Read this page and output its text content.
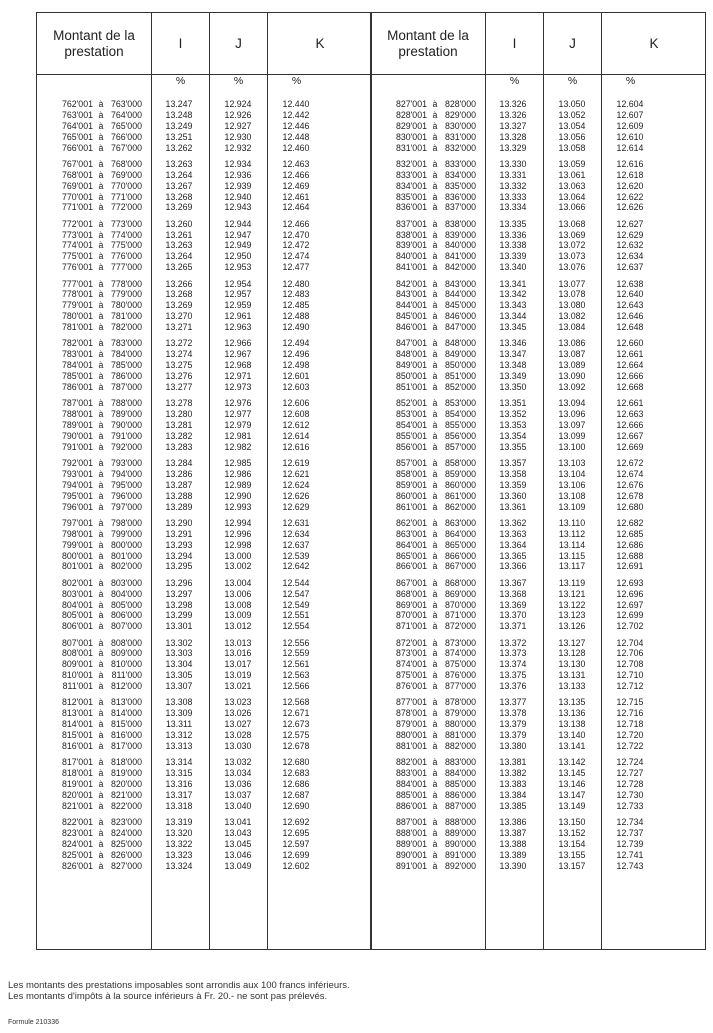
Montant de la prestation
I	J	K
%	%	%
762'001 à 763'000	13.247	12.924	12.440
763'001 à 764'000	13.248	12.926	12.442
764'001 à 765'000	13.249	12.927	12.446
765'001 à 766'000	13.251	12.930	12.448
766'001 à 767'000	13.262	12.932	12.460
767'001 à 768'000	13.263	12.934	12.463
768'001 à 769'000	13.264	12.936	12.466
769'001 à 770'000	13.267	12.939	12.469
770'001 à 771'000	13.268	12.940	12.461
771'001 à 772'000	13.269	12.943	12.464
772'001 à 773'000	13.260	12.944	12.466
773'001 à 774'000	13.261	12.947	12.470
774'001 à 775'000	13.263	12.949	12.472
775'001 à 776'000	13.264	12.950	12.474
776'001 à 777'000	13.265	12.953	12.477
777'001 à 778'000	13.266	12.954	12.480
778'001 à 779'000	13.268	12.957	12.483
779'001 à 780'000	13.269	12.959	12.485
780'001 à 781'000	13.270	12.961	12.488
781'001 à 782'000	13.271	12.963	12.490
782'001 à 783'000	13.272	12.966	12.494
783'001 à 784'000	13.274	12.967	12.496
784'001 à 785'000	13.275	12.968	12.498
785'001 à 786'000	13.276	12.971	12.601
786'001 à 787'000	13.277	12.973	12.603
787'001 à 788'000	13.278	12.976	12.606
788'001 à 789'000	13.280	12.977	12.608
789'001 à 790'000	13.281	12.979	12.612
790'001 à 791'000	13.282	12.981	12.614
791'001 à 792'000	13.283	12.982	12.616
792'001 à 793'000	13.284	12.985	12.619
793'001 à 794'000	13.286	12.986	12.621
794'001 à 795'000	13.287	12.989	12.624
795'001 à 796'000	13.288	12.990	12.626
796'001 à 797'000	13.289	12.993	12.629
797'001 à 798'000	13.290	12.994	12.631
798'001 à 799'000	13.291	12.996	12.634
799'001 à 800'000	13.293	12.998	12.637
800'001 à 801'000	13.294	13.000	12.539
801'001 à 802'000	13.295	13.002	12.642
802'001 à 803'000	13.296	13.004	12.544
803'001 à 804'000	13.297	13.006	12.547
804'001 à 805'000	13.298	13.008	12.549
805'001 à 806'000	13.299	13.009	12.551
806'001 à 807'000	13.301	13.012	12.554
807'001 à 808'000	13.302	13.013	12.556
808'001 à 809'000	13.303	13.016	12.559
809'001 à 810'000	13.304	13.017	12.561
810'001 à 811'000	13.305	13.019	12.563
811'001 à 812'000	13.307	13.021	12.566
812'001 à 813'000	13.308	13.023	12.568
813'001 à 814'000	13.309	13.026	12.671
814'001 à 815'000	13.311	13.027	12.673
815'001 à 816'000	13.312	13.028	12.575
816'001 à 817'000	13.313	13.030	12.678
817'001 à 818'000	13.314	13.032	12.680
818'001 à 819'000	13.315	13.034	12.683
819'001 à 820'000	13.316	13.036	12.686
820'001 à 821'000	13.317	13.037	12.687
821'001 à 822'000	13.318	13.040	12.690
822'001 à 823'000	13.319	13.041	12.692
823'001 à 824'000	13.320	13.043	12.695
824'001 à 825'000	13.322	13.045	12.597
825'001 à 826'000	13.323	13.046	12.699
826'001 à 827'000	13.324	13.049	12.602
Montant de la prestation
I	J	K
%	%	%
827'001 à 828'000	13.326	13.050	12.604
828'001 à 829'000	13.326	13.052	12.607
829'001 à 830'000	13.327	13.054	12.609
830'001 à 831'000	13.328	13.056	12.610
831'001 à 832'000	13.329	13.058	12.614
832'001 à 833'000	13.330	13.059	12.616
833'001 à 834'000	13.331	13.061	12.618
834'001 à 835'000	13.332	13.063	12.620
835'001 à 836'000	13.333	13.064	12.622
836'001 à 837'000	13.334	13.066	12.626
837'001 à 838'000	13.335	13.068	12.627
838'001 à 839'000	13.336	13.069	12.629
839'001 à 840'000	13.338	13.072	12.632
840'001 à 841'000	13.339	13.073	12.634
841'001 à 842'000	13.340	13.076	12.637
842'001 à 843'000	13.341	13.077	12.638
843'001 à 844'000	13.342	13.078	12.640
844'001 à 845'000	13.343	13.080	12.643
845'001 à 846'000	13.344	13.082	12.646
846'001 à 847'000	13.345	13.084	12.648
847'001 à 848'000	13.346	13.086	12.660
848'001 à 849'000	13.347	13.087	12.661
849'001 à 850'000	13.348	13.089	12.664
850'001 à 851'000	13.349	13.090	12.666
851'001 à 852'000	13.350	13.092	12.668
852'001 à 853'000	13.351	13.094	12.661
853'001 à 854'000	13.352	13.096	12.663
854'001 à 855'000	13.353	13.097	12.666
855'001 à 856'000	13.354	13.099	12.667
856'001 à 857'000	13.355	13.100	12.669
857'001 à 858'000	13.357	13.103	12.672
858'001 à 859'000	13.358	13.104	12.674
859'001 à 860'000	13.359	13.106	12.676
860'001 à 861'000	13.360	13.108	12.678
861'001 à 862'000	13.361	13.109	12.680
862'001 à 863'000	13.362	13.110	12.682
863'001 à 864'000	13.363	13.112	12.685
864'001 à 865'000	13.364	13.114	12.686
865'001 à 866'000	13.365	13.115	12.688
866'001 à 867'000	13.366	13.117	12.691
867'001 à 868'000	13.367	13.119	12.693
868'001 à 869'000	13.368	13.121	12.696
869'001 à 870'000	13.369	13.122	12.697
870'001 à 871'000	13.370	13.123	12.699
871'001 à 872'000	13.371	13.126	12.702
872'001 à 873'000	13.372	13.127	12.704
873'001 à 874'000	13.373	13.128	12.706
874'001 à 875'000	13.374	13.130	12.708
875'001 à 876'000	13.375	13.131	12.710
876'001 à 877'000	13.376	13.133	12.712
877'001 à 878'000	13.377	13.135	12.715
878'001 à 879'000	13.378	13.136	12.716
879'001 à 880'000	13.379	13.138	12.718
880'001 à 881'000	13.379	13.140	12.720
881'001 à 882'000	13.380	13.141	12.722
882'001 à 883'000	13.381	13.142	12.724
883'001 à 884'000	13.382	13.145	12.727
884'001 à 885'000	13.383	13.146	12.728
885'001 à 886'000	13.384	13.147	12.730
886'001 à 887'000	13.385	13.149	12.733
887'001 à 888'000	13.386	13.150	12.734
888'001 à 889'000	13.387	13.152	12.737
889'001 à 890'000	13.388	13.154	12.739
890'001 à 891'000	13.389	13.155	12.741
891'001 à 892'000	13.390	13.157	12.743
Les montants des prestations imposables sont arrondis aux 100 francs inférieurs.
Les montants d'impôts à la source inférieurs à Fr. 20.- ne sont pas prélevés.
Formule 210336
